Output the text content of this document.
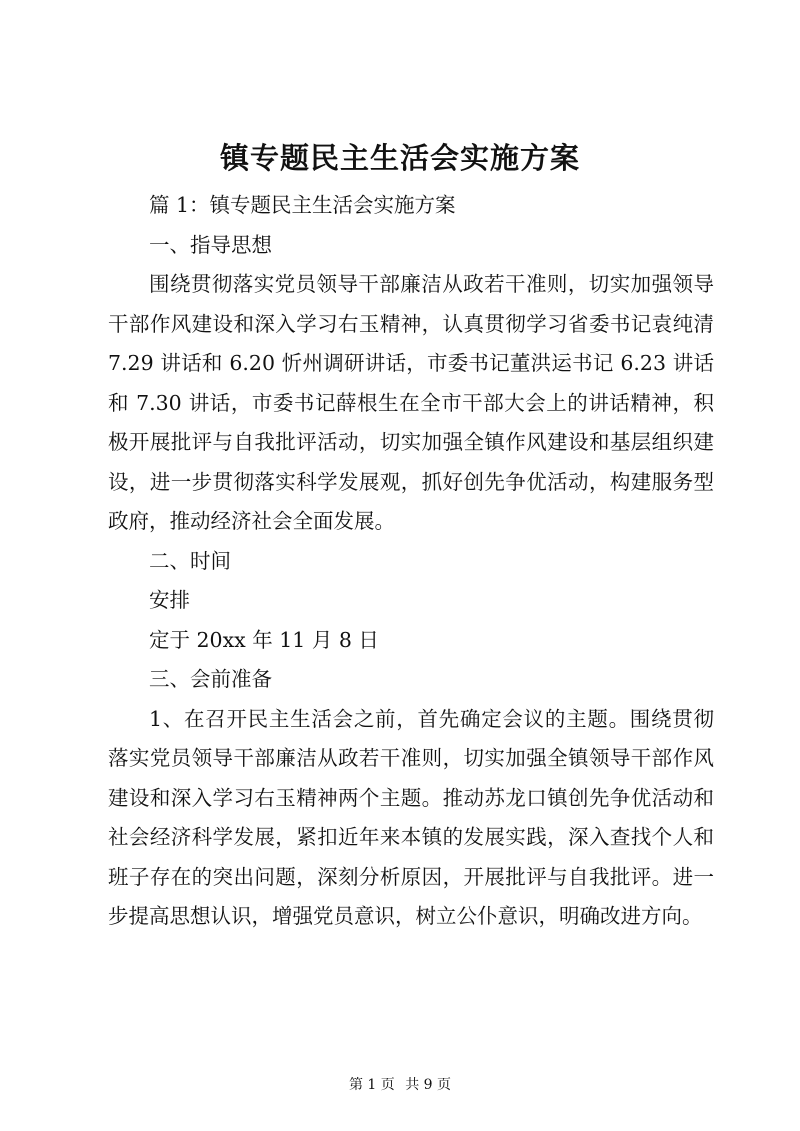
镇专题民主生活会实施方案

篇 1：镇专题民主生活会实施方案

一、指导思想

围绕贯彻落实党员领导干部廉洁从政若干准则，切实加强领导干部作风建设和深入学习右玉精神，认真贯彻学习省委书记袁纯清 7.29 讲话和 6.20 忻州调研讲话，市委书记董洪运书记 6.23 讲话和 7.30 讲话，市委书记薛根生在全市干部大会上的讲话精神，积极开展批评与自我批评活动，切实加强全镇作风建设和基层组织建设，进一步贯彻落实科学发展观，抓好创先争优活动，构建服务型政府，推动经济社会全面发展。

二、时间

安排

定于 20xx 年 11 月 8 日

三、会前准备

1、在召开民主生活会之前，首先确定会议的主题。围绕贯彻落实党员领导干部廉洁从政若干准则，切实加强全镇领导干部作风建设和深入学习右玉精神两个主题。推动苏龙口镇创先争优活动和社会经济科学发展，紧扣近年来本镇的发展实践，深入查找个人和班子存在的突出问题，深刻分析原因，开展批评与自我批评。进一步提高思想认识，增强党员意识，树立公仆意识，明确改进方向。

第 1 页 共 9 页
